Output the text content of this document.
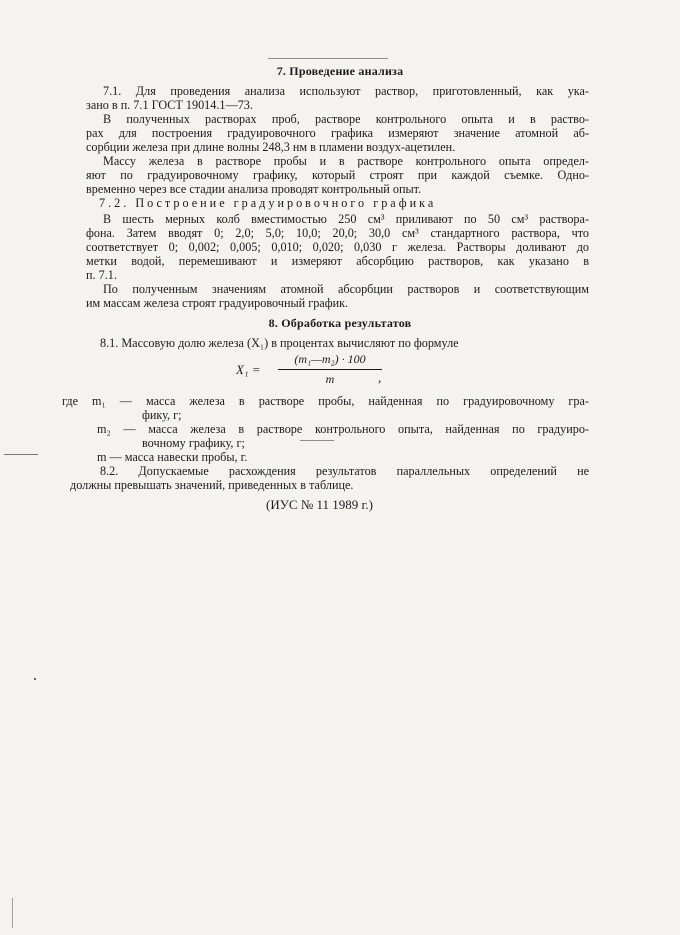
7. Проведение анализа
7.1. Для проведения анализа используют раствор, приготовленный, как ука-
зано в п. 7.1 ГОСТ 19014.1—73.
В полученных растворах проб, растворе контрольного опыта и в раство-
рах для построения градуировочного графика измеряют значение атомной аб-
сорбции железа при длине волны 248,3 нм в пламени воздух-ацетилен.
Массу железа в растворе пробы и в растворе контрольного опыта определ-
яют по градуировочному графику, который строят при каждой съемке. Одно-
временно через все стадии анализа проводят контрольный опыт.
7.2. Построение градуировочного графика
В шесть мерных колб вместимостью 250 см³ приливают по 50 см³ раствора-
фона. Затем вводят 0; 2,0; 5,0; 10,0; 20,0; 30,0 см³ стандартного раствора, что
соответствует 0; 0,002; 0,005; 0,010; 0,020; 0,030 г железа. Растворы доливают до
метки водой, перемешивают и измеряют абсорбцию растворов, как указано в
п. 7.1.
По полученным значениям атомной абсорбции растворов и соответствующим
им массам железа строят градуировочный график.
8. Обработка результатов
8.1. Массовую долю железа (X₁) в процентах вычисляют по формуле
X₁ =
(m₁—m₂) · 100
m	,
где m₁ — масса железа в растворе пробы, найденная по градуировочному гра-
фику, г;
m₂ — масса железа в растворе контрольного опыта, найденная по градуиро-
вочному графику, г;
m — масса навески пробы, г.
8.2. Допускаемые расхождения результатов параллельных определений не
должны превышать значений, приведенных в таблице.
(ИУС № 11 1989 г.)
